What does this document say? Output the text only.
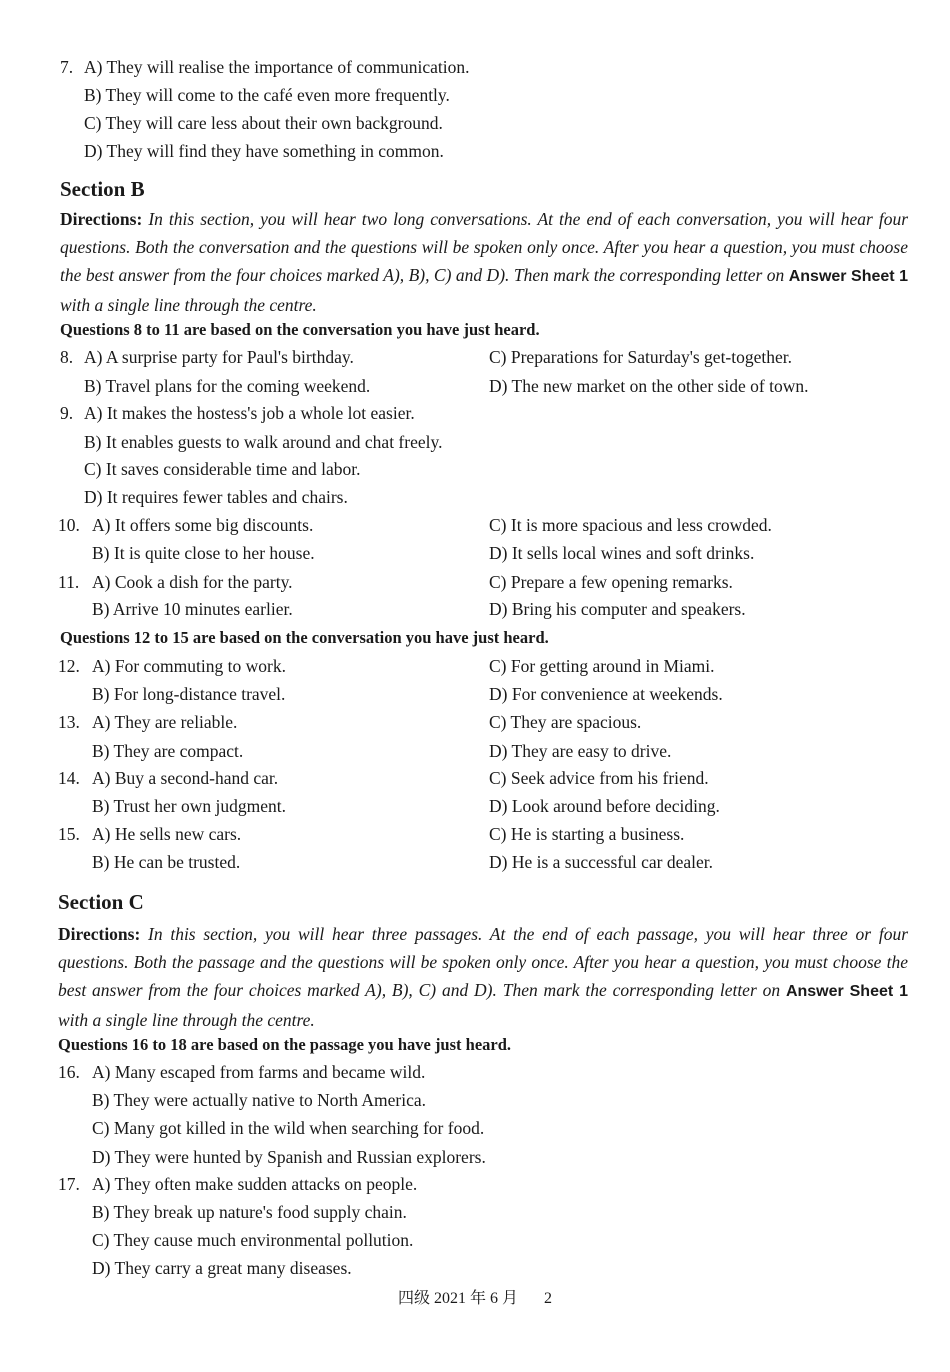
7. A) They will realise the importance of communication.
B) They will come to the café even more frequently.
C) They will care less about their own background.
D) They will find they have something in common.
Section B
Directions: In this section, you will hear two long conversations. At the end of each conversation, you will hear four questions. Both the conversation and the questions will be spoken only once. After you hear a question, you must choose the best answer from the four choices marked A), B), C) and D). Then mark the corresponding letter on Answer Sheet 1 with a single line through the centre.
Questions 8 to 11 are based on the conversation you have just heard.
8. A) A surprise party for Paul's birthday.
B) Travel plans for the coming weekend.
C) Preparations for Saturday's get-together.
D) The new market on the other side of town.
9. A) It makes the hostess's job a whole lot easier.
B) It enables guests to walk around and chat freely.
C) It saves considerable time and labor.
D) It requires fewer tables and chairs.
10. A) It offers some big discounts.
B) It is quite close to her house.
C) It is more spacious and less crowded.
D) It sells local wines and soft drinks.
11. A) Cook a dish for the party.
B) Arrive 10 minutes earlier.
C) Prepare a few opening remarks.
D) Bring his computer and speakers.
Questions 12 to 15 are based on the conversation you have just heard.
12. A) For commuting to work.
B) For long-distance travel.
C) For getting around in Miami.
D) For convenience at weekends.
13. A) They are reliable.
B) They are compact.
C) They are spacious.
D) They are easy to drive.
14. A) Buy a second-hand car.
B) Trust her own judgment.
C) Seek advice from his friend.
D) Look around before deciding.
15. A) He sells new cars.
B) He can be trusted.
C) He is starting a business.
D) He is a successful car dealer.
Section C
Directions: In this section, you will hear three passages. At the end of each passage, you will hear three or four questions. Both the passage and the questions will be spoken only once. After you hear a question, you must choose the best answer from the four choices marked A), B), C) and D). Then mark the corresponding letter on Answer Sheet 1 with a single line through the centre.
Questions 16 to 18 are based on the passage you have just heard.
16. A) Many escaped from farms and became wild.
B) They were actually native to North America.
C) Many got killed in the wild when searching for food.
D) They were hunted by Spanish and Russian explorers.
17. A) They often make sudden attacks on people.
B) They break up nature's food supply chain.
C) They cause much environmental pollution.
D) They carry a great many diseases.
四级 2021 年 6 月 2
